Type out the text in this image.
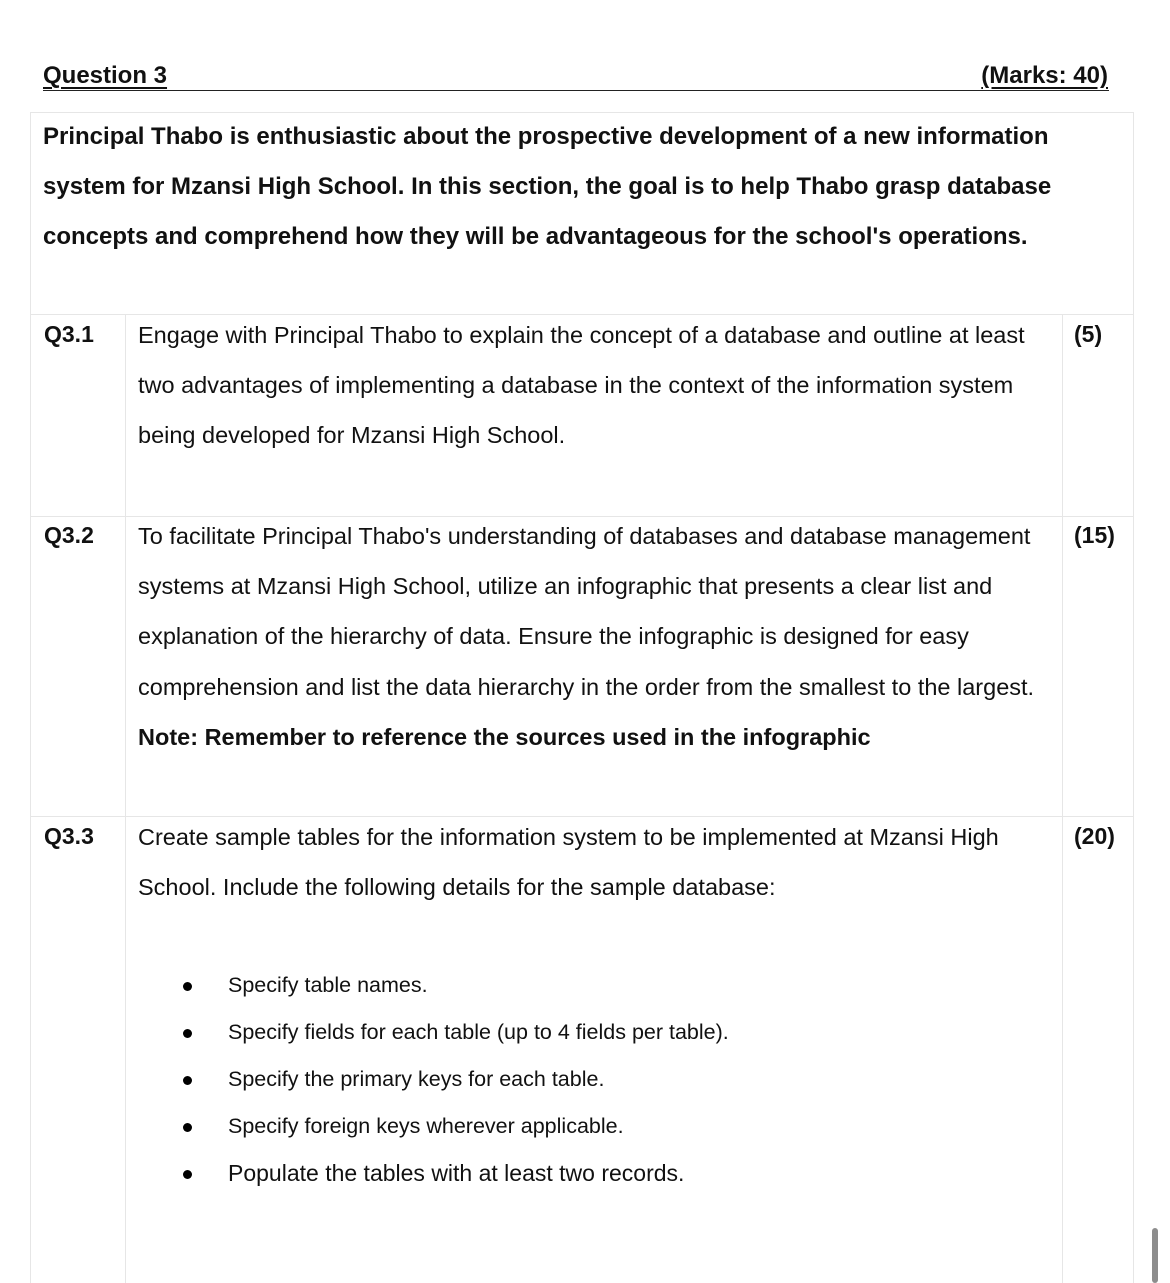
Question 3	(Marks: 40)
Principal Thabo is enthusiastic about the prospective development of a new information system for Mzansi High School. In this section, the goal is to help Thabo grasp database concepts and comprehend how they will be advantageous for the school's operations.
Q3.1 Engage with Principal Thabo to explain the concept of a database and outline at least two advantages of implementing a database in the context of the information system being developed for Mzansi High School.
(5)
Q3.2 To facilitate Principal Thabo's understanding of databases and database management systems at Mzansi High School, utilize an infographic that presents a clear list and explanation of the hierarchy of data. Ensure the infographic is designed for easy comprehension and list the data hierarchy in the order from the smallest to the largest.
Note: Remember to reference the sources used in the infographic
(15)
Q3.3 Create sample tables for the information system to be implemented at Mzansi High School. Include the following details for the sample database:
(20)
Specify table names.
Specify fields for each table (up to 4 fields per table).
Specify the primary keys for each table.
Specify foreign keys wherever applicable.
Populate the tables with at least two records.
